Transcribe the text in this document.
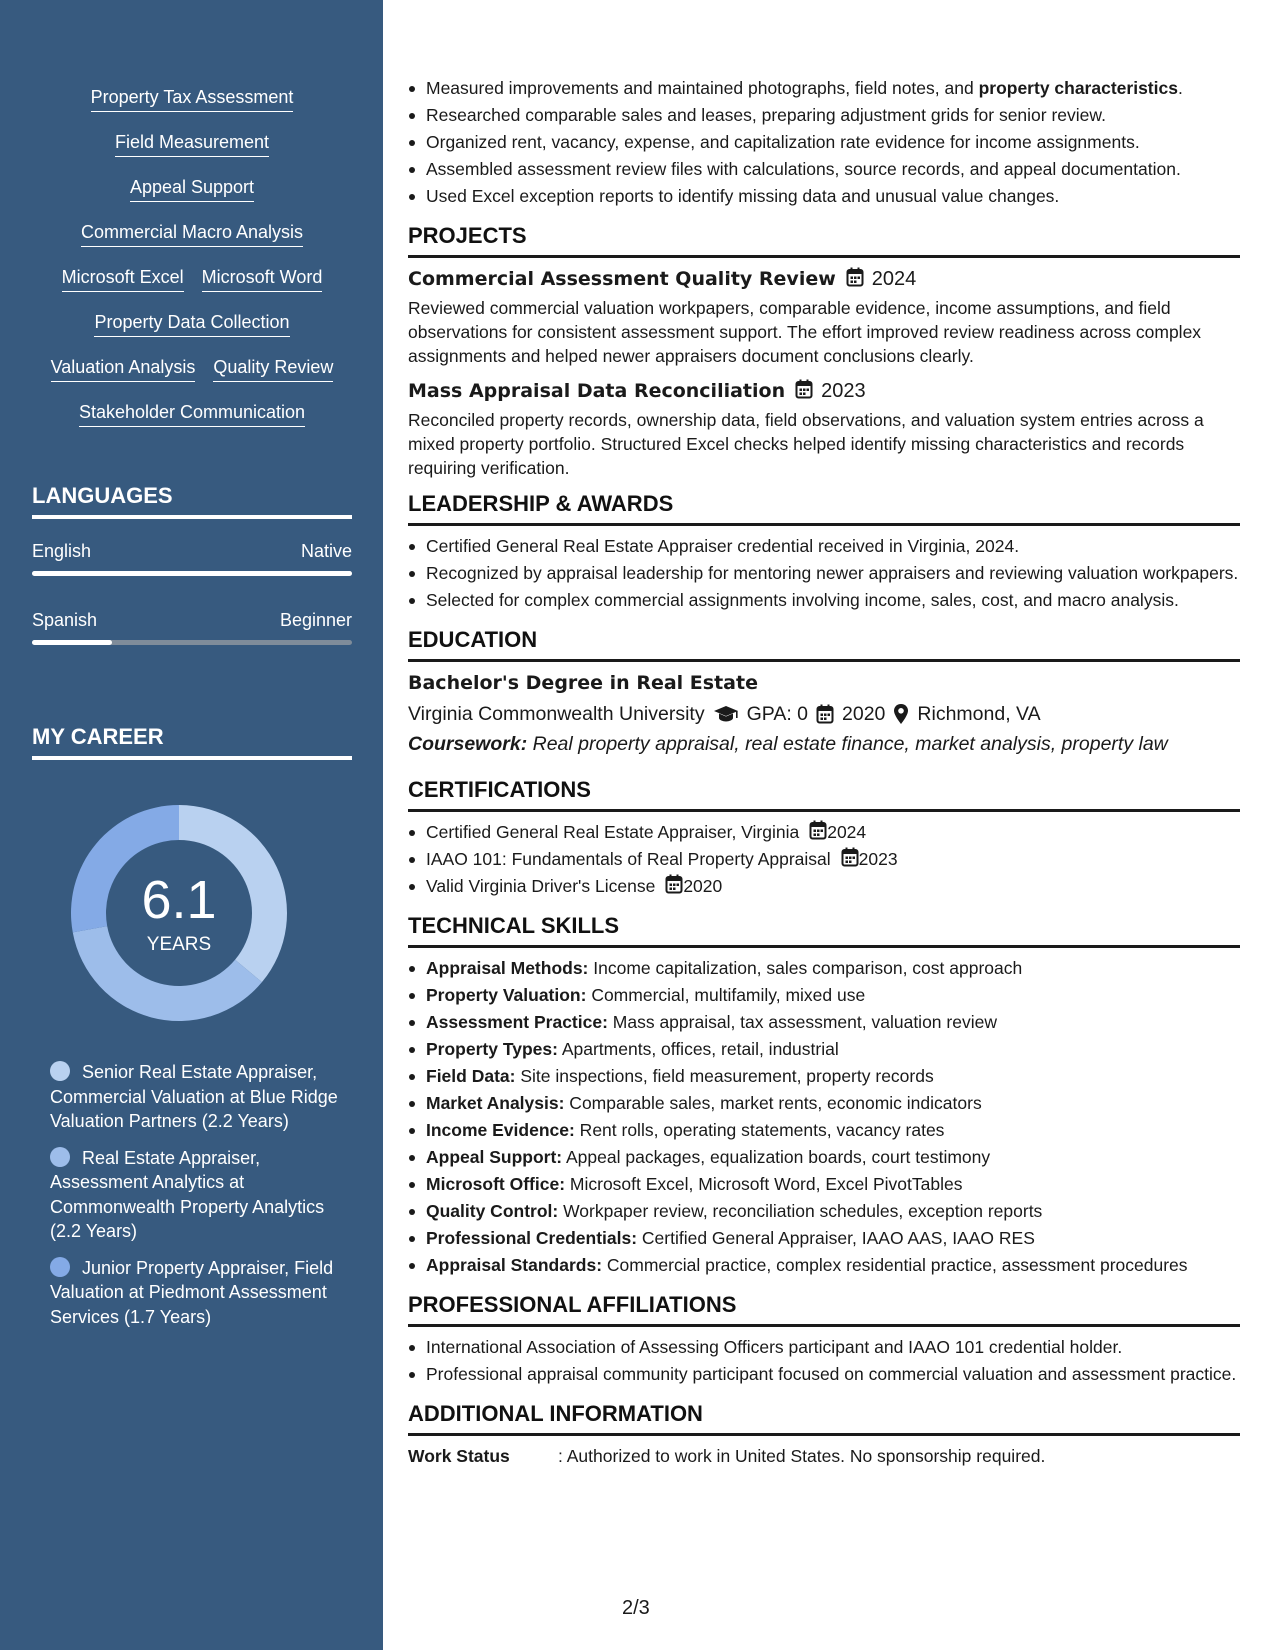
Property Tax Assessment
Field Measurement
Appeal Support
Commercial Macro Analysis
Microsoft Excel Microsoft Word
Property Data Collection
Valuation Analysis Quality Review
Stakeholder Communication
LANGUAGES
English	Native
Spanish	Beginner
MY CAREER
6.1
YEARS
Senior Real Estate Appraiser, Commercial Valuation at Blue Ridge Valuation Partners (2.2 Years)
Real Estate Appraiser, Assessment Analytics at Commonwealth Property Analytics (2.2 Years)
Junior Property Appraiser, Field Valuation at Piedmont Assessment Services (1.7 Years)
Measured improvements and maintained photographs, field notes, and property characteristics.
Researched comparable sales and leases, preparing adjustment grids for senior review.
Organized rent, vacancy, expense, and capitalization rate evidence for income assignments.
Assembled assessment review files with calculations, source records, and appeal documentation.
Used Excel exception reports to identify missing data and unusual value changes.
PROJECTS
Commercial Assessment Quality Review 2024
Reviewed commercial valuation workpapers, comparable evidence, income assumptions, and field observations for consistent assessment support. The effort improved review readiness across complex assignments and helped newer appraisers document conclusions clearly.
Mass Appraisal Data Reconciliation 2023
Reconciled property records, ownership data, field observations, and valuation system entries across a mixed property portfolio. Structured Excel checks helped identify missing characteristics and records requiring verification.
LEADERSHIP & AWARDS
Certified General Real Estate Appraiser credential received in Virginia, 2024.
Recognized by appraisal leadership for mentoring newer appraisers and reviewing valuation workpapers.
Selected for complex commercial assignments involving income, sales, cost, and macro analysis.
EDUCATION
Bachelor's Degree in Real Estate
Virginia Commonwealth University GPA: 0 2020 Richmond, VA
Coursework: Real property appraisal, real estate finance, market analysis, property law
CERTIFICATIONS
Certified General Real Estate Appraiser, Virginia 2024
IAAO 101: Fundamentals of Real Property Appraisal 2023
Valid Virginia Driver's License 2020
TECHNICAL SKILLS
Appraisal Methods: Income capitalization, sales comparison, cost approach
Property Valuation: Commercial, multifamily, mixed use
Assessment Practice: Mass appraisal, tax assessment, valuation review
Property Types: Apartments, offices, retail, industrial
Field Data: Site inspections, field measurement, property records
Market Analysis: Comparable sales, market rents, economic indicators
Income Evidence: Rent rolls, operating statements, vacancy rates
Appeal Support: Appeal packages, equalization boards, court testimony
Microsoft Office: Microsoft Excel, Microsoft Word, Excel PivotTables
Quality Control: Workpaper review, reconciliation schedules, exception reports
Professional Credentials: Certified General Appraiser, IAAO AAS, IAAO RES
Appraisal Standards: Commercial practice, complex residential practice, assessment procedures
PROFESSIONAL AFFILIATIONS
International Association of Assessing Officers participant and IAAO 101 credential holder.
Professional appraisal community participant focused on commercial valuation and assessment practice.
ADDITIONAL INFORMATION
Work Status	: Authorized to work in United States. No sponsorship required.
2/3
